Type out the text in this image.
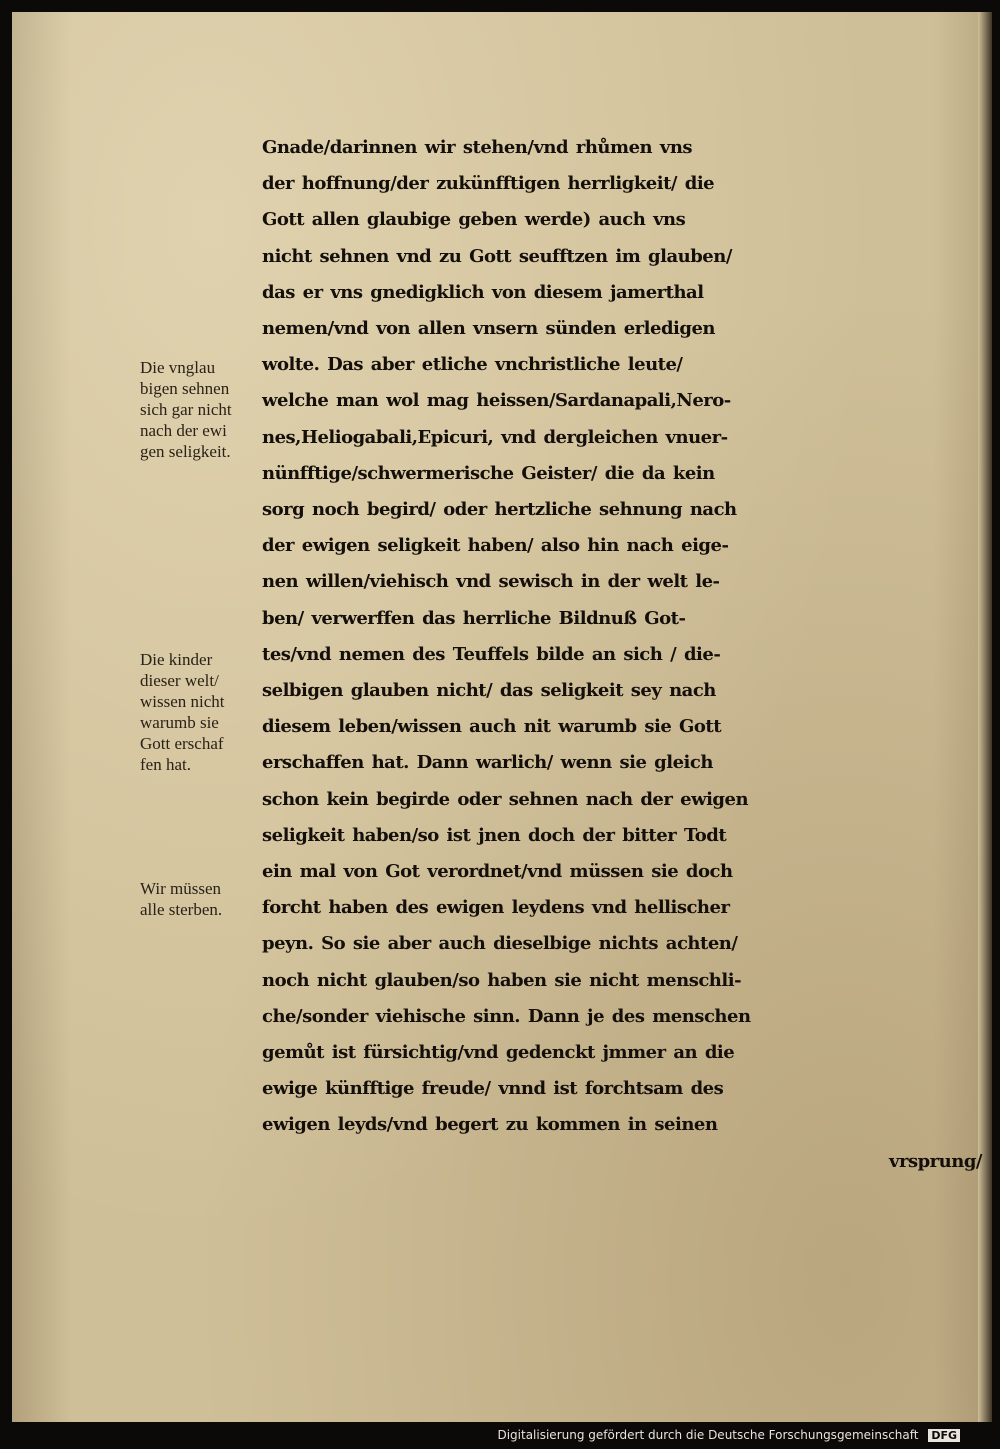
Die vnglau
bigen sehnen
sich gar nicht
nach der ewi
gen seligkeit.
Die kinder
dieser welt/
wissen nicht
warumb sie
Gott erschaf
fen hat.
Wir müssen
alle sterben.
Gnade/darinnen wir stehen/vnd rhůmen vns
der hoffnung/der zukünfftigen herrligkeit/ die
Gott allen glaubige geben werde) auch vns
nicht sehnen vnd zu Gott seufftzen im glauben/
das er vns gnedigklich von diesem jamerthal
nemen/vnd von allen vnsern sünden erledigen
wolte. Das aber etliche vnchristliche leute/
welche man wol mag heissen/Sardanapali,Nero-
nes,Heliogabali,Epicuri, vnd dergleichen vnuer-
nünfftige/schwermerische Geister/ die da kein
sorg noch begird/ oder hertzliche sehnung nach
der ewigen seligkeit haben/ also hin nach eige-
nen willen/viehisch vnd sewisch in der welt le-
ben/ verwerffen das herrliche Bildnuß Got-
tes/vnd nemen des Teuffels bilde an sich / die-
selbigen glauben nicht/ das seligkeit sey nach
diesem leben/wissen auch nit warumb sie Gott
erschaffen hat. Dann warlich/ wenn sie gleich
schon kein begirde oder sehnen nach der ewigen
seligkeit haben/so ist jnen doch der bitter Todt
ein mal von Got verordnet/vnd müssen sie doch
forcht haben des ewigen leydens vnd hellischer
peyn. So sie aber auch dieselbige nichts achten/
noch nicht glauben/so haben sie nicht menschli-
che/sonder viehische sinn. Dann je des menschen
gemůt ist fürsichtig/vnd gedenckt jmmer an die
ewige künfftige freude/ vnnd ist forchtsam des
ewigen leyds/vnd begert zu kommen in seinen
vrsprung/
Digitalisierung gefördert durch die Deutsche Forschungsgemeinschaft DFG
